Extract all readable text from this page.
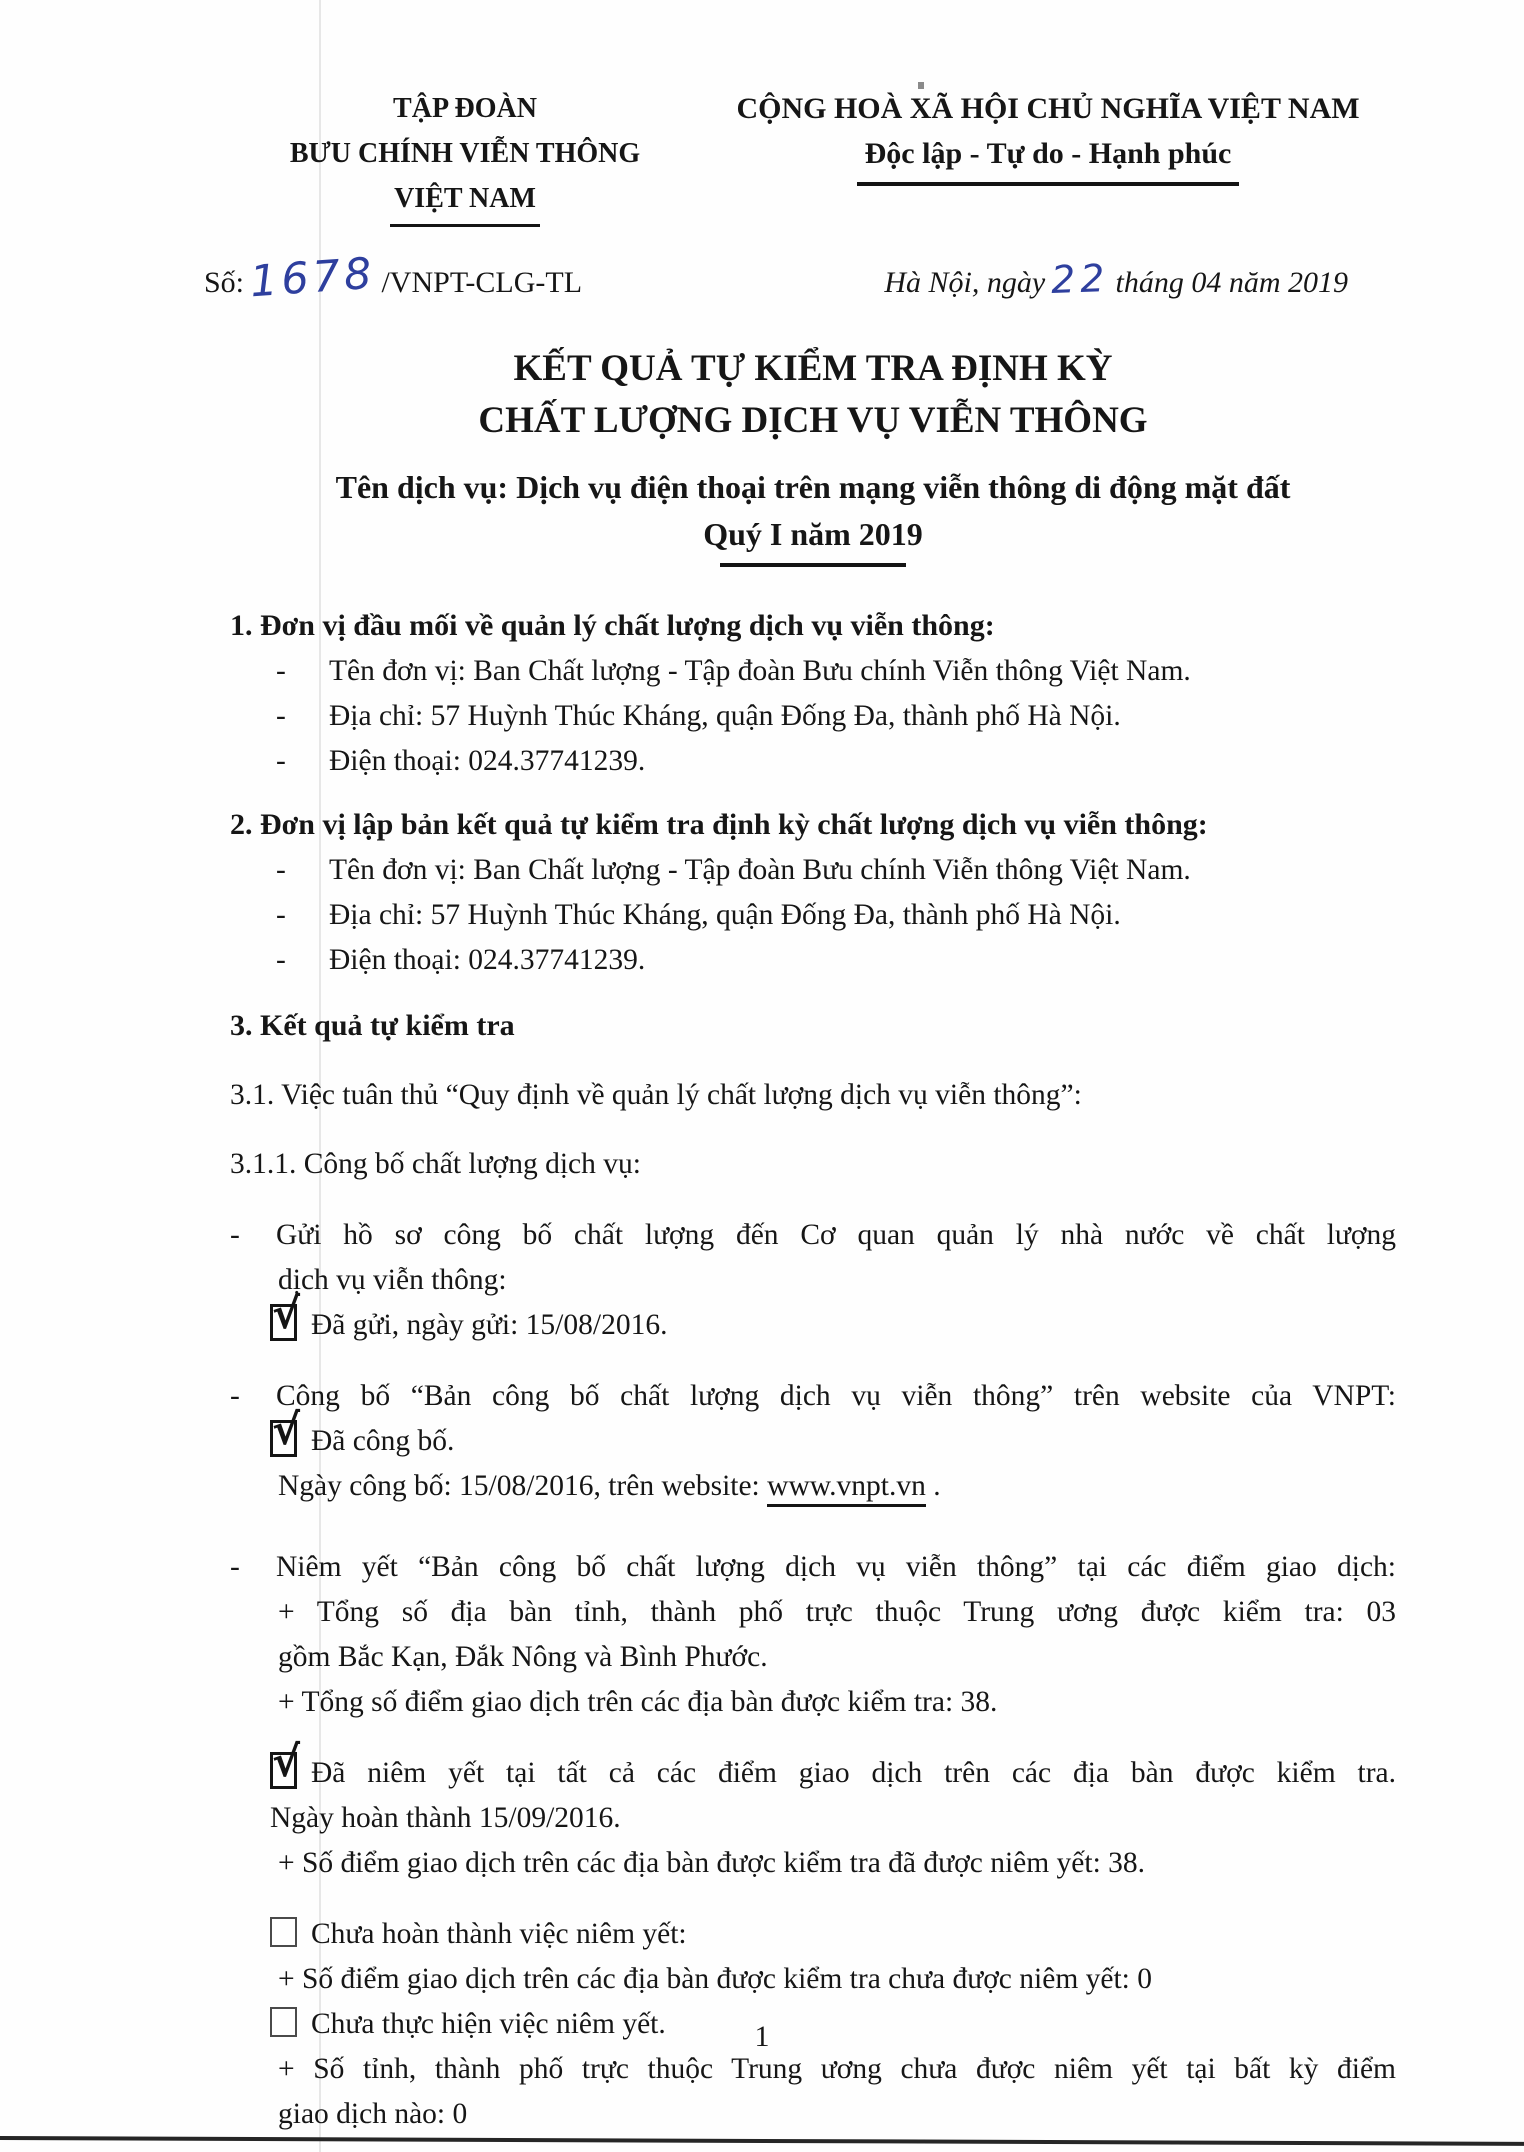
TẬP ĐOÀN
BƯU CHÍNH VIỄN THÔNG
VIỆT NAM
CỘNG HOÀ XÃ HỘI CHỦ NGHĨA VIỆT NAM
Độc lập - Tự do - Hạnh phúc
Số: 1678 /VNPT-CLG-TL	Hà Nội, ngày 22 tháng 04 năm 2019
KẾT QUẢ TỰ KIỂM TRA ĐỊNH KỲ
CHẤT LƯỢNG DỊCH VỤ VIỄN THÔNG
Tên dịch vụ: Dịch vụ điện thoại trên mạng viễn thông di động mặt đất
Quý I năm 2019
1. Đơn vị đầu mối về quản lý chất lượng dịch vụ viễn thông:
- Tên đơn vị: Ban Chất lượng - Tập đoàn Bưu chính Viễn thông Việt Nam.
- Địa chỉ: 57 Huỳnh Thúc Kháng, quận Đống Đa, thành phố Hà Nội.
- Điện thoại: 024.37741239.
2. Đơn vị lập bản kết quả tự kiểm tra định kỳ chất lượng dịch vụ viễn thông:
- Tên đơn vị: Ban Chất lượng - Tập đoàn Bưu chính Viễn thông Việt Nam.
- Địa chỉ: 57 Huỳnh Thúc Kháng, quận Đống Đa, thành phố Hà Nội.
- Điện thoại: 024.37741239.
3. Kết quả tự kiểm tra
3.1. Việc tuân thủ “Quy định về quản lý chất lượng dịch vụ viễn thông”:
3.1.1. Công bố chất lượng dịch vụ:
- Gửi hồ sơ công bố chất lượng đến Cơ quan quản lý nhà nước về chất lượng
dịch vụ viễn thông:
√ Đã gửi, ngày gửi: 15/08/2016.
- Công bố “Bản công bố chất lượng dịch vụ viễn thông” trên website của VNPT:
√ Đã công bố.
Ngày công bố: 15/08/2016, trên website: www.vnpt.vn .
- Niêm yết “Bản công bố chất lượng dịch vụ viễn thông” tại các điểm giao dịch:
+ Tổng số địa bàn tỉnh, thành phố trực thuộc Trung ương được kiểm tra: 03
gồm Bắc Kạn, Đắk Nông và Bình Phước.
+ Tổng số điểm giao dịch trên các địa bàn được kiểm tra: 38.
√ Đã niêm yết tại tất cả các điểm giao dịch trên các địa bàn được kiểm tra.
Ngày hoàn thành 15/09/2016.
+ Số điểm giao dịch trên các địa bàn được kiểm tra đã được niêm yết: 38.
Chưa hoàn thành việc niêm yết:
+ Số điểm giao dịch trên các địa bàn được kiểm tra chưa được niêm yết: 0
Chưa thực hiện việc niêm yết.
+ Số tỉnh, thành phố trực thuộc Trung ương chưa được niêm yết tại bất kỳ điểm
giao dịch nào: 0
1
